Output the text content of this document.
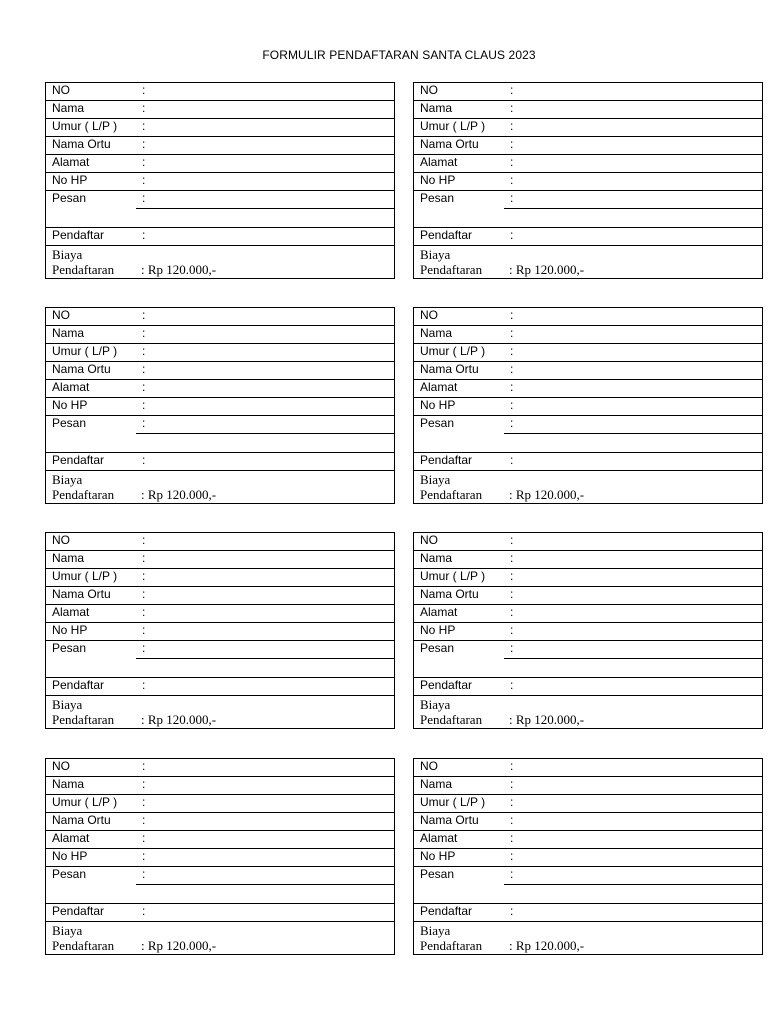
FORMULIR PENDAFTARAN SANTA CLAUS 2023
NO	:
Nama	:
Umur ( L/P ) :
Nama Ortu	:
Alamat	:
No HP	:
Pesan	:
Pendaftar	:
Biaya
Pendaftaran	: Rp 120.000,-
NO	:
Nama	:
Umur ( L/P ) :
Nama Ortu	:
Alamat	:
No HP	:
Pesan	:
Pendaftar	:
Biaya
Pendaftaran	: Rp 120.000,-
NO	:
Nama	:
Umur ( L/P ) :
Nama Ortu	:
Alamat	:
No HP	:
Pesan	:
Pendaftar	:
Biaya
Pendaftaran	: Rp 120.000,-
NO	:
Nama	:
Umur ( L/P ) :
Nama Ortu	:
Alamat	:
No HP	:
Pesan	:
Pendaftar	:
Biaya
Pendaftaran	: Rp 120.000,-
NO	:
Nama	:
Umur ( L/P ) :
Nama Ortu	:
Alamat	:
No HP	:
Pesan	:
Pendaftar	:
Biaya
Pendaftaran	: Rp 120.000,-
NO	:
Nama	:
Umur ( L/P ) :
Nama Ortu	:
Alamat	:
No HP	:
Pesan	:
Pendaftar	:
Biaya
Pendaftaran	: Rp 120.000,-
NO	:
Nama	:
Umur ( L/P ) :
Nama Ortu	:
Alamat	:
No HP	:
Pesan	:
Pendaftar	:
Biaya
Pendaftaran	: Rp 120.000,-
NO	:
Nama	:
Umur ( L/P ) :
Nama Ortu	:
Alamat	:
No HP	:
Pesan	:
Pendaftar	:
Biaya
Pendaftaran	: Rp 120.000,-
